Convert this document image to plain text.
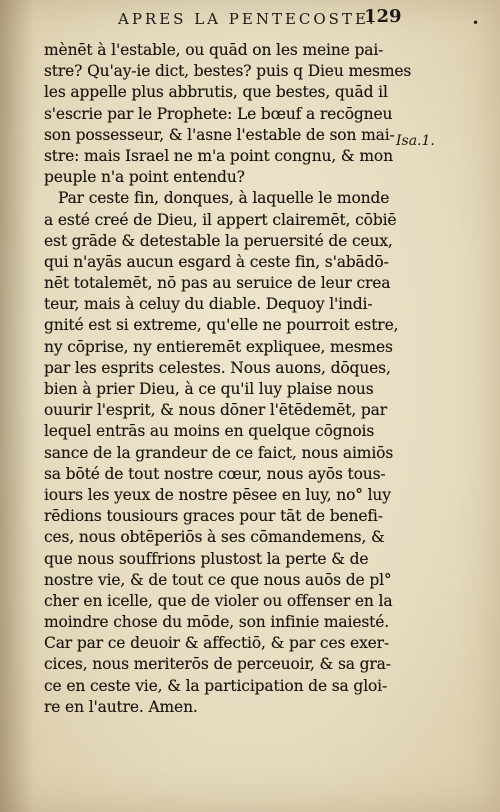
APRES LA PENTECOSTE.
129	•
mènēt à l'estable, ou quād on les meine pai-
stre? Qu'ay-ie dict, bestes? puis q Dieu mesmes
les appelle plus abbrutis, que bestes, quād il
s'escrie par le Prophete: Le bœuf a recōgneu
son possesseur, & l'asne l'estable de son mai-
stre: mais Israel ne m'a point congnu, & mon
peuple n'a point entendu?
Par ceste fin, donques, à laquelle le monde
a esté creé de Dieu, il appert clairemēt, cōbiē
est grāde & detestable la peruersité de ceux,
qui n'ayās aucun esgard à ceste fin, s'abādō-
nēt totalemēt, nō pas au seruice de leur crea
teur, mais à celuy du diable. Dequoy l'indi-
gnité est si extreme, qu'elle ne pourroit estre,
ny cōprise, ny entieremēt expliquee, mesmes
par les esprits celestes. Nous auons, dōques,
bien à prier Dieu, à ce qu'il luy plaise nous
ouurir l'esprit, & nous dōner l'ētēdemēt, par
lequel entrās au moins en quelque cōgnois
sance de la grandeur de ce faict, nous aimiōs
sa bōté de tout nostre cœur, nous ayōs tous-
iours les yeux de nostre pēsee en luy, no° luy
rēdions tousiours graces pour tāt de benefi-
ces, nous obtēperiōs à ses cōmandemens, &
que nous souffrions plustost la perte & de
nostre vie, & de tout ce que nous auōs de pl°
cher en icelle, que de violer ou offenser en la
moindre chose du mōde, son infinie maiesté.
Car par ce deuoir & affectiō, & par ces exer-
cices, nous meriterōs de perceuoir, & sa gra-
ce en ceste vie, & la participation de sa gloi-
re en l'autre. Amen.
Isa.1.
